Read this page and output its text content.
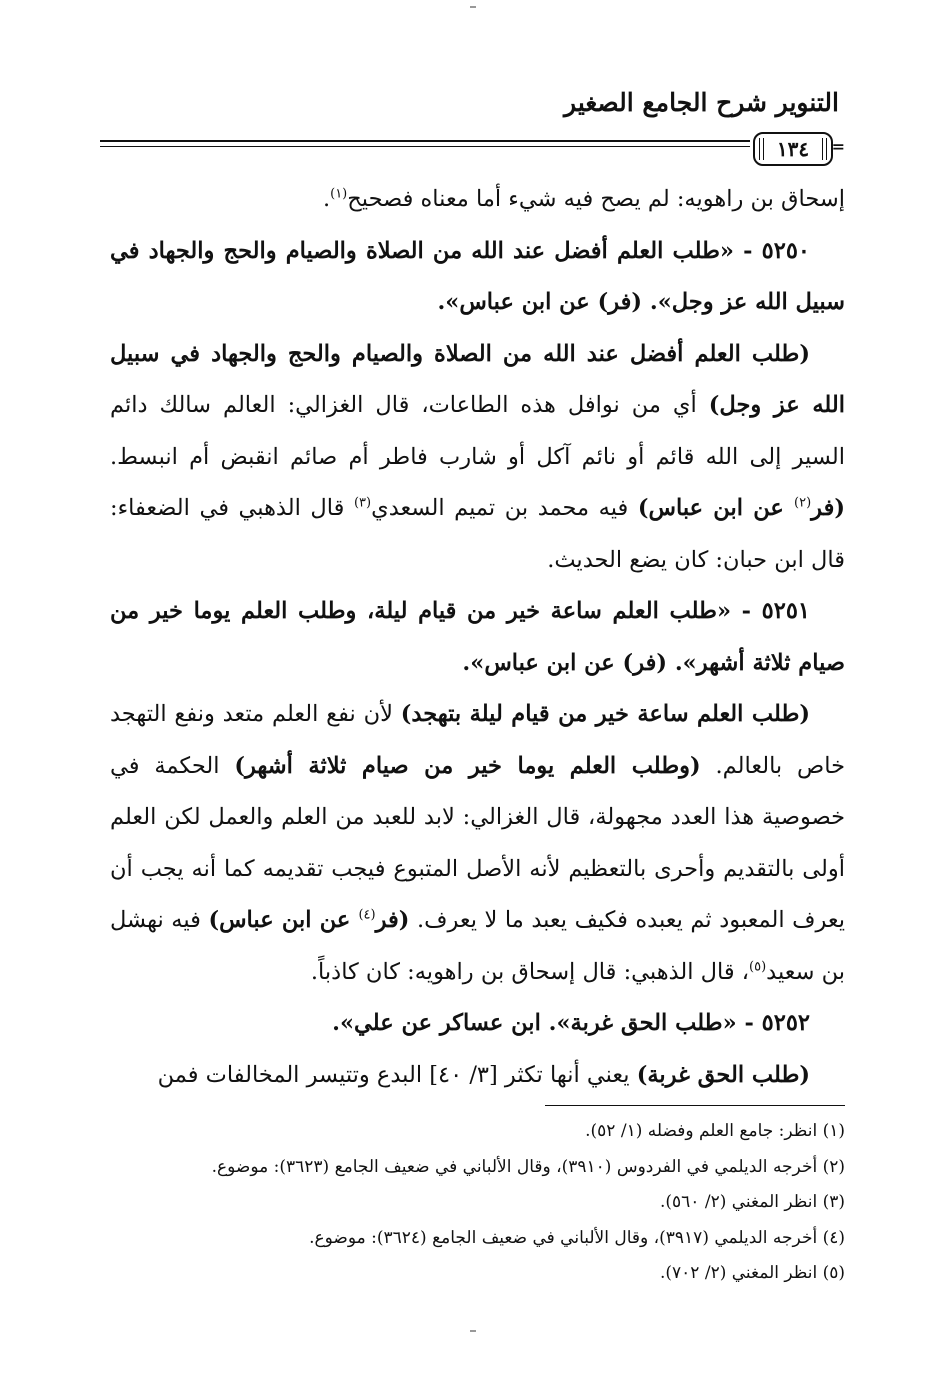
التنوير شرح الجامع الصغير
١٣٤ =

إسحاق بن راهويه: لم يصح فيه شيء أما معناه فصحيح$^{(١)}$.

٥٢٥٠ - «طلب العلم أفضل عند الله من الصلاة والصيام والحج والجهاد في سبيل الله عز وجل». (فر) عن ابن عباس».

(طلب العلم أفضل عند الله من الصلاة والصيام والحج والجهاد في سبيل الله عز وجل) أي من نوافل هذه الطاعات، قال الغزالي: العالم سالك دائم السير إلى الله قائم أو نائم آكل أو شارب فاطر أم صائم انقبض أم انبسط. (فر$^{(٢)}$ عن ابن عباس) فيه محمد بن تميم السعدي$^{(٣)}$ قال الذهبي في الضعفاء: قال ابن حبان: كان يضع الحديث.

٥٢٥١ - «طلب العلم ساعة خير من قيام ليلة، وطلب العلم يوما خير من صيام ثلاثة أشهر». (فر) عن ابن عباس».

(طلب العلم ساعة خير من قيام ليلة بتهجد) لأن نفع العلم متعد ونفع التهجد خاص بالعالم. (وطلب العلم يوما خير من صيام ثلاثة أشهر) الحكمة في خصوصية هذا العدد مجهولة، قال الغزالي: لابد للعبد من العلم والعمل لكن العلم أولى بالتقديم وأحرى بالتعظيم لأنه الأصل المتبوع فيجب تقديمه كما أنه يجب أن يعرف المعبود ثم يعبده فكيف يعبد ما لا يعرف. (فر$^{(٤)}$ عن ابن عباس) فيه نهشل بن سعيد$^{(٥)}$، قال الذهبي: قال إسحاق بن راهويه: كان كاذباً.

٥٢٥٢ - «طلب الحق غربة». ابن عساكر عن علي».

(طلب الحق غربة) يعني أنها تكثر [٣/ ٤٠] البدع وتتيسر المخالفات فمن

(١) انظر: جامع العلم وفضله (١/ ٥٢).
(٢) أخرجه الديلمي في الفردوس (٣٩١٠)، وقال الألباني في ضعيف الجامع (٣٦٢٣): موضوع.
(٣) انظر المغني (٢/ ٥٦٠).
(٤) أخرجه الديلمي (٣٩١٧)، وقال الألباني في ضعيف الجامع (٣٦٢٤): موضوع.
(٥) انظر المغني (٢/ ٧٠٢).
